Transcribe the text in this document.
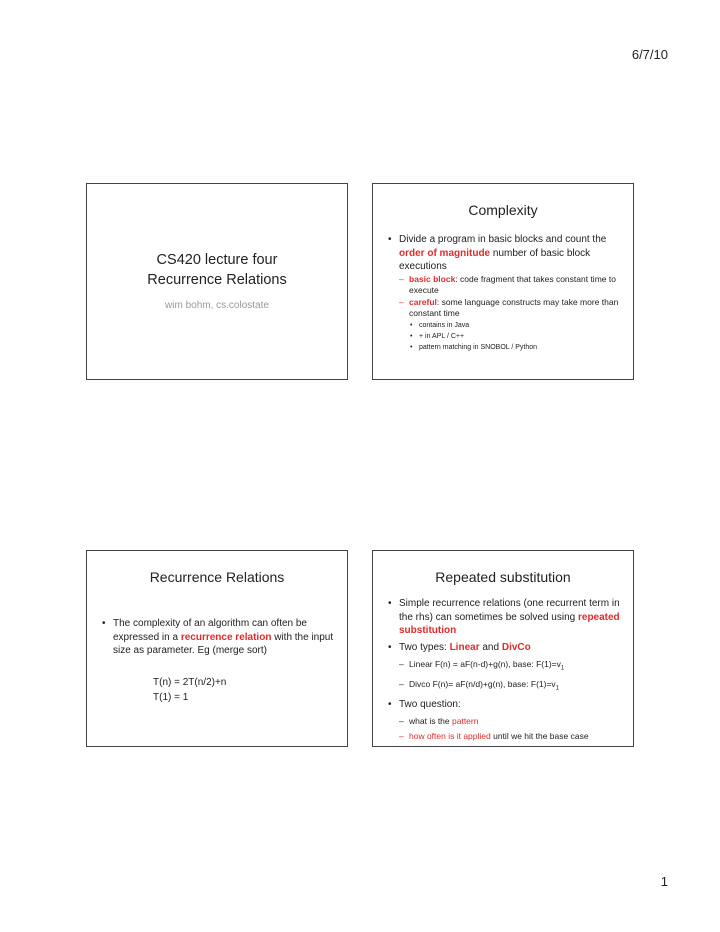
6/7/10
CS420 lecture four
Recurrence Relations
wim bohm, cs.colostate
Complexity
• Divide a program in basic blocks and count the order of magnitude number of basic block executions
– basic block: code fragment that takes constant time to execute
– careful: some language constructs may take more than constant time
• contains in Java
• + in APL / C++
• pattern matching in SNOBOL / Python
Recurrence Relations
• The complexity of an algorithm can often be expressed in a recurrence relation with the input size as parameter. Eg (merge sort)
T(n) = 2T(n/2)+n
T(1) = 1
Repeated substitution
• Simple recurrence relations (one recurrent term in the rhs) can sometimes be solved using repeated substitution
• Two types: Linear and DivCo
– Linear F(n) = aF(n-d)+g(n), base: $F(1)=v_1$
– Divco F(n)= aF(n/d)+g(n), base: $F(1)=v_1$
• Two question:
– what is the pattern
– how often is it applied until we hit the base case
1
